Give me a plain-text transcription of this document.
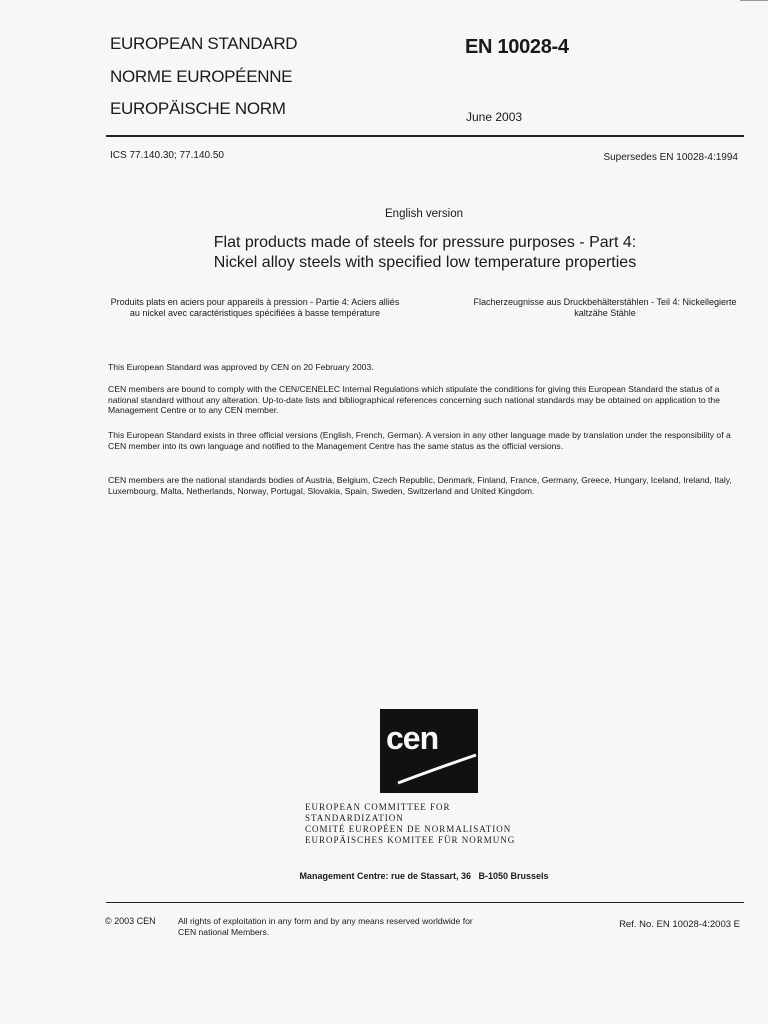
EUROPEAN STANDARD
NORME EUROPÉENNE
EUROPÄISCHE NORM
EN 10028-4
June 2003
ICS 77.140.30; 77.140.50	Supersedes EN 10028-4:1994
English version
Flat products made of steels for pressure purposes - Part 4:
Nickel alloy steels with specified low temperature properties
Produits plats en aciers pour appareils à pression - Partie 4: Aciers alliés au nickel avec caractéristiques spécifiées à basse température
Flacherzeugnisse aus Druckbehälterstählen - Teil 4: Nickellegierte kaltzähe Stähle
This European Standard was approved by CEN on 20 February 2003.
CEN members are bound to comply with the CEN/CENELEC Internal Regulations which stipulate the conditions for giving this European Standard the status of a national standard without any alteration. Up-to-date lists and bibliographical references concerning such national standards may be obtained on application to the Management Centre or to any CEN member.
This European Standard exists in three official versions (English, French, German). A version in any other language made by translation under the responsibility of a CEN member into its own language and notified to the Management Centre has the same status as the official versions.
CEN members are the national standards bodies of Austria, Belgium, Czech Republic, Denmark, Finland, France, Germany, Greece, Hungary, Iceland, Ireland, Italy, Luxembourg, Malta, Netherlands, Norway, Portugal, Slovakia, Spain, Sweden, Switzerland and United Kingdom.
cen
EUROPEAN COMMITTEE FOR STANDARDIZATION
COMITÉ EUROPÉEN DE NORMALISATION
EUROPÄISCHES KOMITEE FÜR NORMUNG
Management Centre: rue de Stassart, 36   B-1050 Brussels
© 2003 CEN	All rights of exploitation in any form and by any means reserved worldwide for CEN national Members.
Ref. No. EN 10028-4:2003 E
